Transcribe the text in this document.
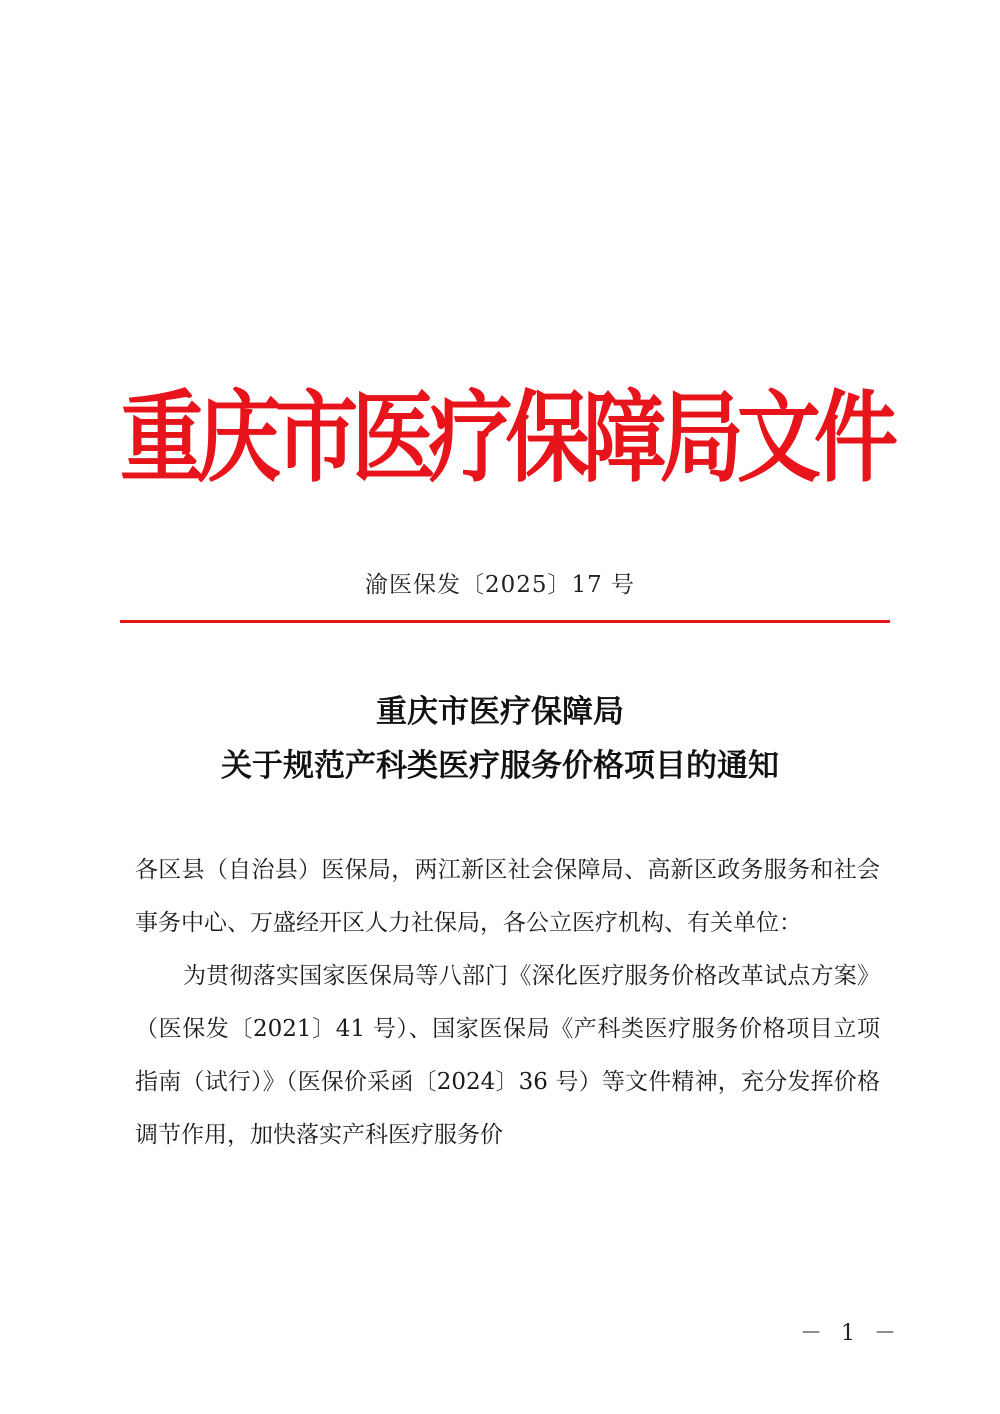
重
庆
市
医
疗
保
障
局
文
件
渝医保发〔2025〕17 号
重庆市医疗保障局
关于规范产科类医疗服务价格项目的通知

各区县（自治县）医保局，两江新区社会保障局、高新区政务服务和社会事务中心、万盛经开区人力社保局，各公立医疗机构、有关单位：

为贯彻落实国家医保局等八部门《深化医疗服务价格改革试点方案》（医保发〔2021〕41 号）、国家医保局《产科类医疗服务价格项目立项指南（试行）》（医保价采函〔2024〕36 号）等文件精神，充分发挥价格调节作用，加快落实产科医疗服务价

－ 1 －
